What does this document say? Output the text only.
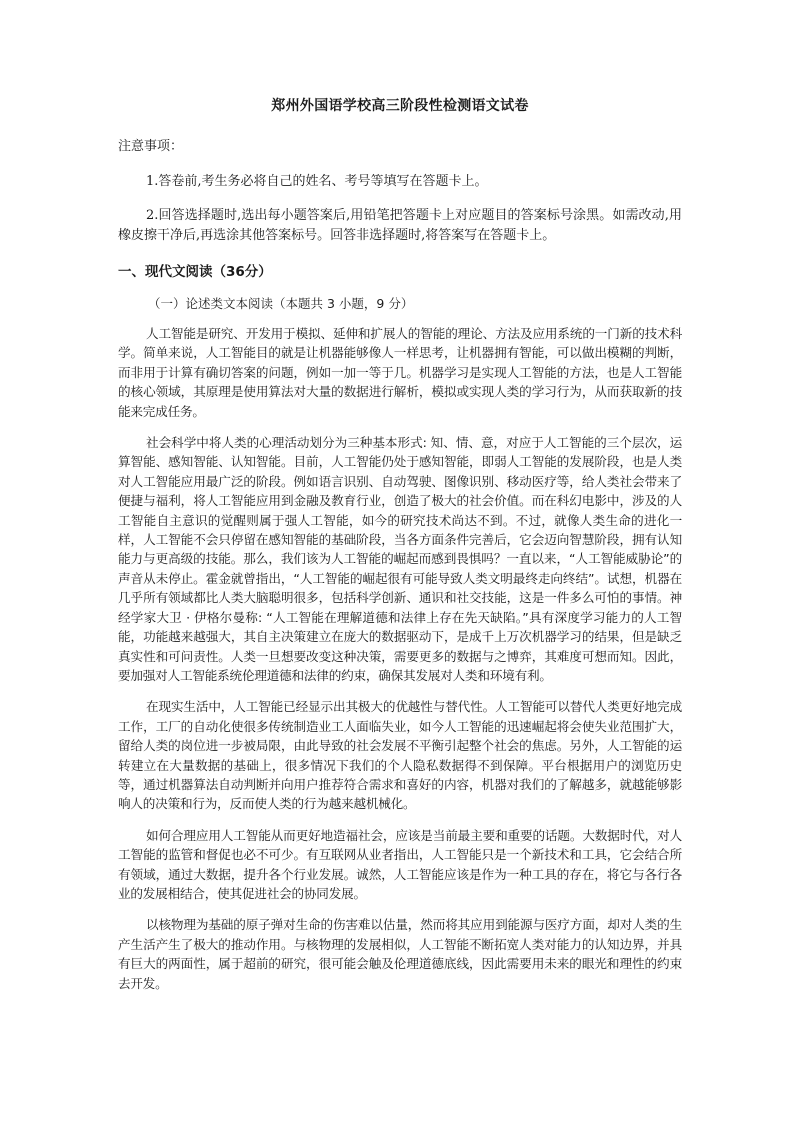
郑州外国语学校高三阶段性检测语文试卷
注意事项：
1.答卷前,考生务必将自己的姓名、考号等填写在答题卡上。
2.回答选择题时,选出每小题答案后,用铅笔把答题卡上对应题目的答案标号涂黑。如需改动,用橡皮擦干净后,再选涂其他答案标号。回答非选择题时,将答案写在答题卡上。
一、现代文阅读（36分）
（一）论述类文本阅读（本题共 3 小题，9 分）

人工智能是研究、开发用于模拟、延伸和扩展人的智能的理论、方法及应用系统的一门新的技术科学。简单来说，人工智能目的就是让机器能够像人一样思考，让机器拥有智能，可以做出模糊的判断，而非用于计算有确切答案的问题，例如一加一等于几。机器学习是实现人工智能的方法，也是人工智能的核心领域，其原理是使用算法对大量的数据进行解析，模拟或实现人类的学习行为，从而获取新的技能来完成任务。

社会科学中将人类的心理活动划分为三种基本形式: 知、情、意，对应于人工智能的三个层次，运算智能、感知智能、认知智能。目前，人工智能仍处于感知智能，即弱人工智能的发展阶段，也是人类对人工智能应用最广泛的阶段。例如语言识别、自动驾驶、图像识别、移动医疗等，给人类社会带来了便捷与福利，将人工智能应用到金融及教育行业，创造了极大的社会价值。而在科幻电影中，涉及的人工智能自主意识的觉醒则属于强人工智能，如今的研究技术尚达不到。不过，就像人类生命的进化一样，人工智能不会只停留在感知智能的基础阶段，当各方面条件完善后，它会迈向智慧阶段，拥有认知能力与更高级的技能。那么，我们该为人工智能的崛起而感到畏惧吗？一直以来，“人工智能威胁论”的声音从未停止。霍金就曾指出，“人工智能的崛起很有可能导致人类文明最终走向终结”。试想，机器在几乎所有领域都比人类大脑聪明很多，包括科学创新、通识和社交技能，这是一件多么可怕的事情。神经学家大卫 · 伊格尔曼称: “人工智能在理解道德和法律上存在先天缺陷。”具有深度学习能力的人工智能，功能越来越强大，其自主决策建立在庞大的数据驱动下，是成千上万次机器学习的结果，但是缺乏真实性和可问责性。人类一旦想要改变这种决策，需要更多的数据与之博弈，其难度可想而知。因此，要加强对人工智能系统伦理道德和法律的约束，确保其发展对人类和环境有利。

在现实生活中，人工智能已经显示出其极大的优越性与替代性。人工智能可以替代人类更好地完成工作，工厂的自动化使很多传统制造业工人面临失业，如今人工智能的迅速崛起将会使失业范围扩大，留给人类的岗位进一步被局限，由此导致的社会发展不平衡引起整个社会的焦虑。另外，人工智能的运转建立在大量数据的基础上，很多情况下我们的个人隐私数据得不到保障。平台根据用户的浏览历史等，通过机器算法自动判断并向用户推荐符合需求和喜好的内容，机器对我们的了解越多，就越能够影响人的决策和行为，反而使人类的行为越来越机械化。

如何合理应用人工智能从而更好地造福社会，应该是当前最主要和重要的话题。大数据时代，对人工智能的监管和督促也必不可少。有互联网从业者指出，人工智能只是一个新技术和工具，它会结合所有领域，通过大数据，提升各个行业发展。诚然，人工智能应该是作为一种工具的存在，将它与各行各业的发展相结合，使其促进社会的协同发展。

以核物理为基础的原子弹对生命的伤害难以估量，然而将其应用到能源与医疗方面，却对人类的生产生活产生了极大的推动作用。与核物理的发展相似，人工智能不断拓宽人类对能力的认知边界，并具有巨大的两面性，属于超前的研究，很可能会触及伦理道德底线，因此需要用未来的眼光和理性的约束去开发。
